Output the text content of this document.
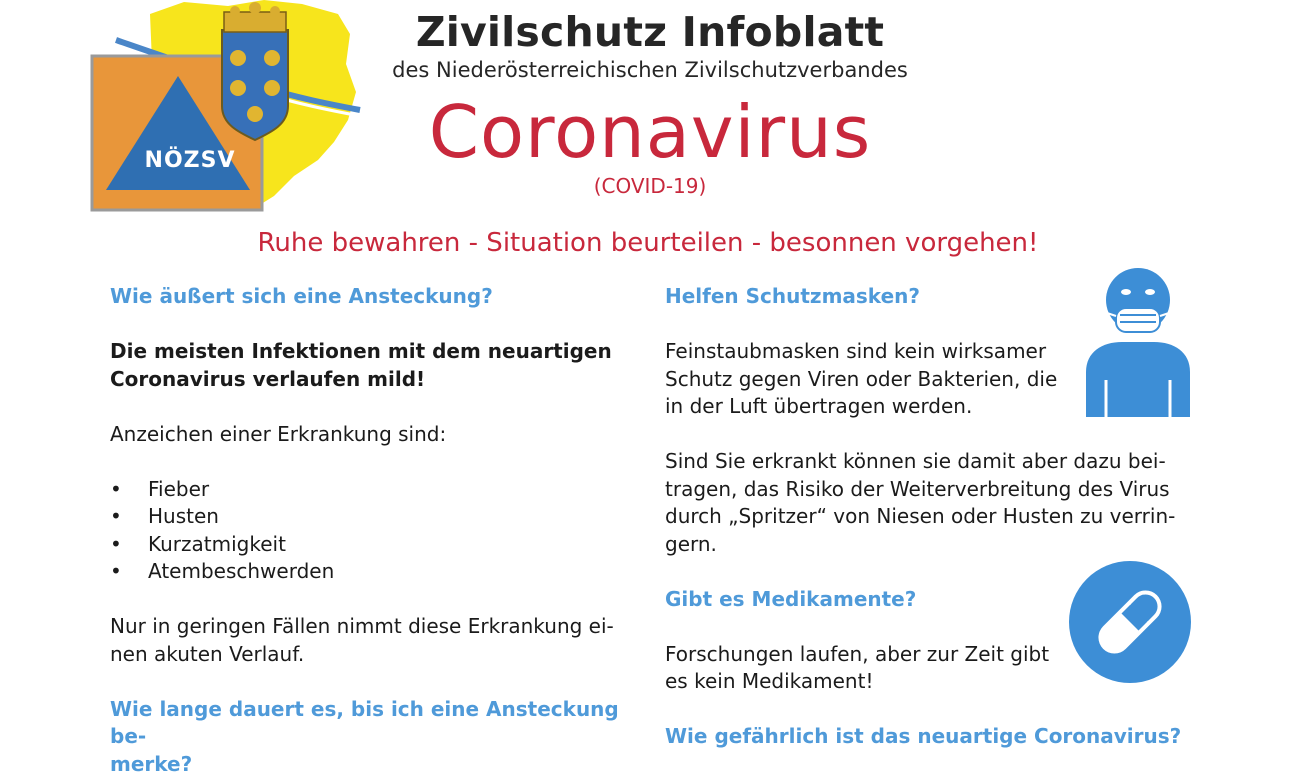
NÖZSV
Zivilschutz Infoblatt
des Niederösterreichischen Zivilschutzverbandes
Coronavirus
(COVID-19)
Ruhe bewahren - Situation beurteilen - besonnen vorgehen!
Wie äußert sich eine Ansteckung?
Die meisten Infektionen mit dem neuartigen
Coronavirus verlaufen mild!
Anzeichen einer Erkrankung sind:
• Fieber
• Husten
• Kurzatmigkeit
• Atembeschwerden
Nur in geringen Fällen nimmt diese Erkrankung ei-
nen akuten Verlauf.
Wie lange dauert es, bis ich eine Ansteckung be-
merke?
Helfen Schutzmasken?
Feinstaubmasken sind kein wirksamer
Schutz gegen Viren oder Bakterien, die
in der Luft übertragen werden.
Sind Sie erkrankt können sie damit aber dazu bei-
tragen, das Risiko der Weiterverbreitung des Virus
durch „Spritzer“ von Niesen oder Husten zu verrin-
gern.
Gibt es Medikamente?
Forschungen laufen, aber zur Zeit gibt
es kein Medikament!
Wie gefährlich ist das neuartige Coronavirus?
